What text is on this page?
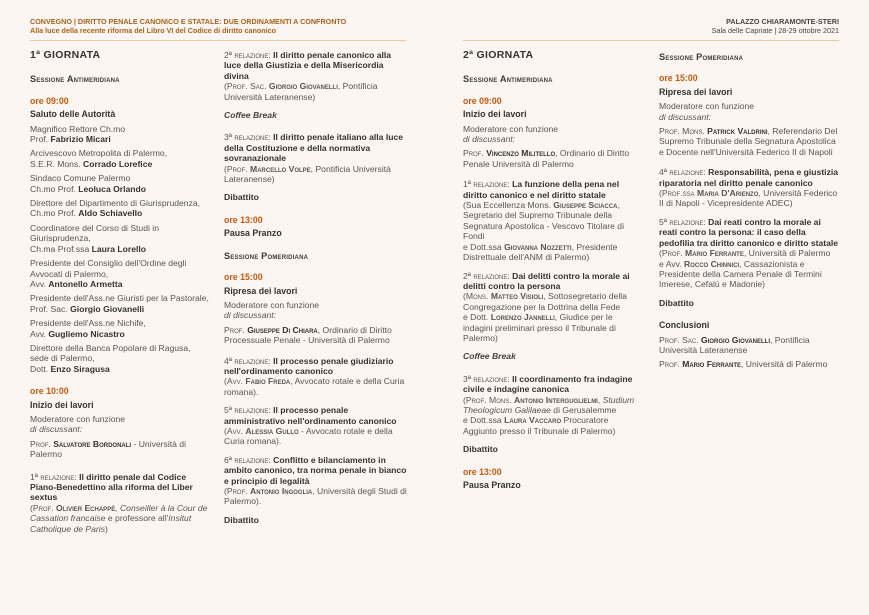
CONVEGNO | DIRITTO PENALE CANONICO E STATALE: DUE ORDINAMENTI A CONFRONTO
Alla luce della recente riforma del Libro VI del Codice di diritto canonico
PALAZZO CHIARAMONTE-STERI
Sala delle Capriate | 28-29 ottobre 2021
1ª GIORNATA
Sessione Antimeridiana
ore 09:00
Saluto delle Autorità
Magnifico Rettore Ch.mo
Prof. Fabrizio Micari
Arcivescovo Metropolita di Palermo,
S.E.R. Mons. Corrado Lorefice
Sindaco Comune Palermo
Ch.mo Prof. Leoluca Orlando
Direttore del Dipartimento di Giurisprudenza,
Ch.mo Prof. Aldo Schiavello
Coordinatore del Corso di Studi in Giurisprudenza,
Ch.ma Prof.ssa Laura Lorello
Presidente del Consiglio dell'Ordine degli Avvocati di Palermo,
Avv. Antonello Armetta
Presidente dell'Ass.ne Giuristi per la Pastorale,
Prof. Sac. Giorgio Giovanelli
Presidente dell'Ass.ne Nichife,
Avv. Gugliemo Nicastro
Direttore della Banca Popolare di Ragusa, sede di Palermo,
Dott. Enzo Siragusa
ore 10:00
Inizio dei lavori
Moderatore con funzione
di discussant:
Prof. Salvatore Bordonali - Università di Palermo
1ª relazione: Il diritto penale dal Codice Piano-Benedettino alla riforma del Liber sextus
(Prof. Olivier Echappè, Conseiller à la Cour de Cassation francaise e professore all'Insitut Catholique de Paris)
2ª relazione: Il diritto penale canonico alla luce della Giustizia e della Misericordia divina
(Prof. Sac. Giorgio Giovanelli, Pontificia Università Lateranense)
Coffee Break
3ª relazione: Il diritto penale italiano alla luce della Costituzione e della normativa sovranazionale
(Prof. Marcello Volpe, Pontificia Università Lateranense)
Dibattito
ore 13:00
Pausa Pranzo
Sessione Pomeridiana
ore 15:00
Ripresa dei lavori
Moderatore con funzione
di discussant:
Prof. Giuseppe Di Chiara, Ordinario di Diritto Processuale Penale - Università di Palermo
4ª relazione: Il processo penale giudiziario nell'ordinamento canonico
(Avv. Fabio Freda, Avvocato rotale e della Curia romana).
5ª relazione: Il processo penale amministrativo nell'ordinamento canonico
(Avv. Alessia Gullo - Avvocato rotale e della Curia romana).
6ª relazione: Conflitto e bilanciamento in ambito canonico, tra norma penale in bianco e principio di legalità
(Prof. Antonio Ingoglia, Università degli Studi di Palermo).
Dibattito
2ª GIORNATA
Sessione Antimeridiana
ore 09:00
Inizio dei lavori
Moderatore con funzione
di discussant:
Prof. Vincenzo Militello, Ordinario di Diritto Penale Università di Palermo
1ª relazione: La funzione della pena nel diritto canonico e nel diritto statale
(Sua Eccellenza Mons. Giuseppe Sciacca, Segretario del Supremo Tribunale della Segnatura Apostolica - Vescovo Titolare di Fondi
e Dott.ssa Giovanna Nozzetti, Presidente Distrettuale dell'ANM di Palermo)
2ª relazione: Dai delitti contro la morale ai delitti contro la persona
(Mons. Matteo Visioli, Sottosegretario della Congregazione per la Dottrina della Fede
e Dott. Lorenzo Jannelli, Giudice per le indagini preliminari presso il Tribunale di Palermo)
Coffee Break
3ª relazione: Il coordinamento fra indagine civile e indagine canonica
(Prof. Mons. Antonio Interguglielmi, Studium Theologicum Galilaeae di Gerusalemme
e Dott.ssa Laura Vaccaro Procuratore Aggiunto presso il Tribunale di Palermo)
Dibattito
ore 13:00
Pausa Pranzo
Sessione Pomeridiana
ore 15:00
Ripresa dei lavori
Moderatore con funzione
di discussant:
Prof. Mons. Patrick Valdrini, Referendario Del Supremo Tribunale della Segnatura Apostolica e Docente nell'Università Federico II di Napoli
4ª relazione: Responsabilità, pena e giustizia riparatoria nel diritto penale canonico
(Prof.ssa Maria D'Arienzo, Università Federico II di Napoli - Vicepresidente ADEC)
5ª relazione: Dai reati contro la morale ai reati contro la persona: il caso della pedofilia tra diritto canonico e diritto statale
(Prof. Mario Ferrante, Università di Palermo
e Avv. Rocco Chinnici, Cassazionista e Presidente della Camera Penale di Termini Imerese, Cefalù e Madonie)
Dibattito
Conclusioni
Prof. Sac. Giorgio Giovanelli, Pontificia Università Lateranense
Prof. Mario Ferrante, Università di Palermo
